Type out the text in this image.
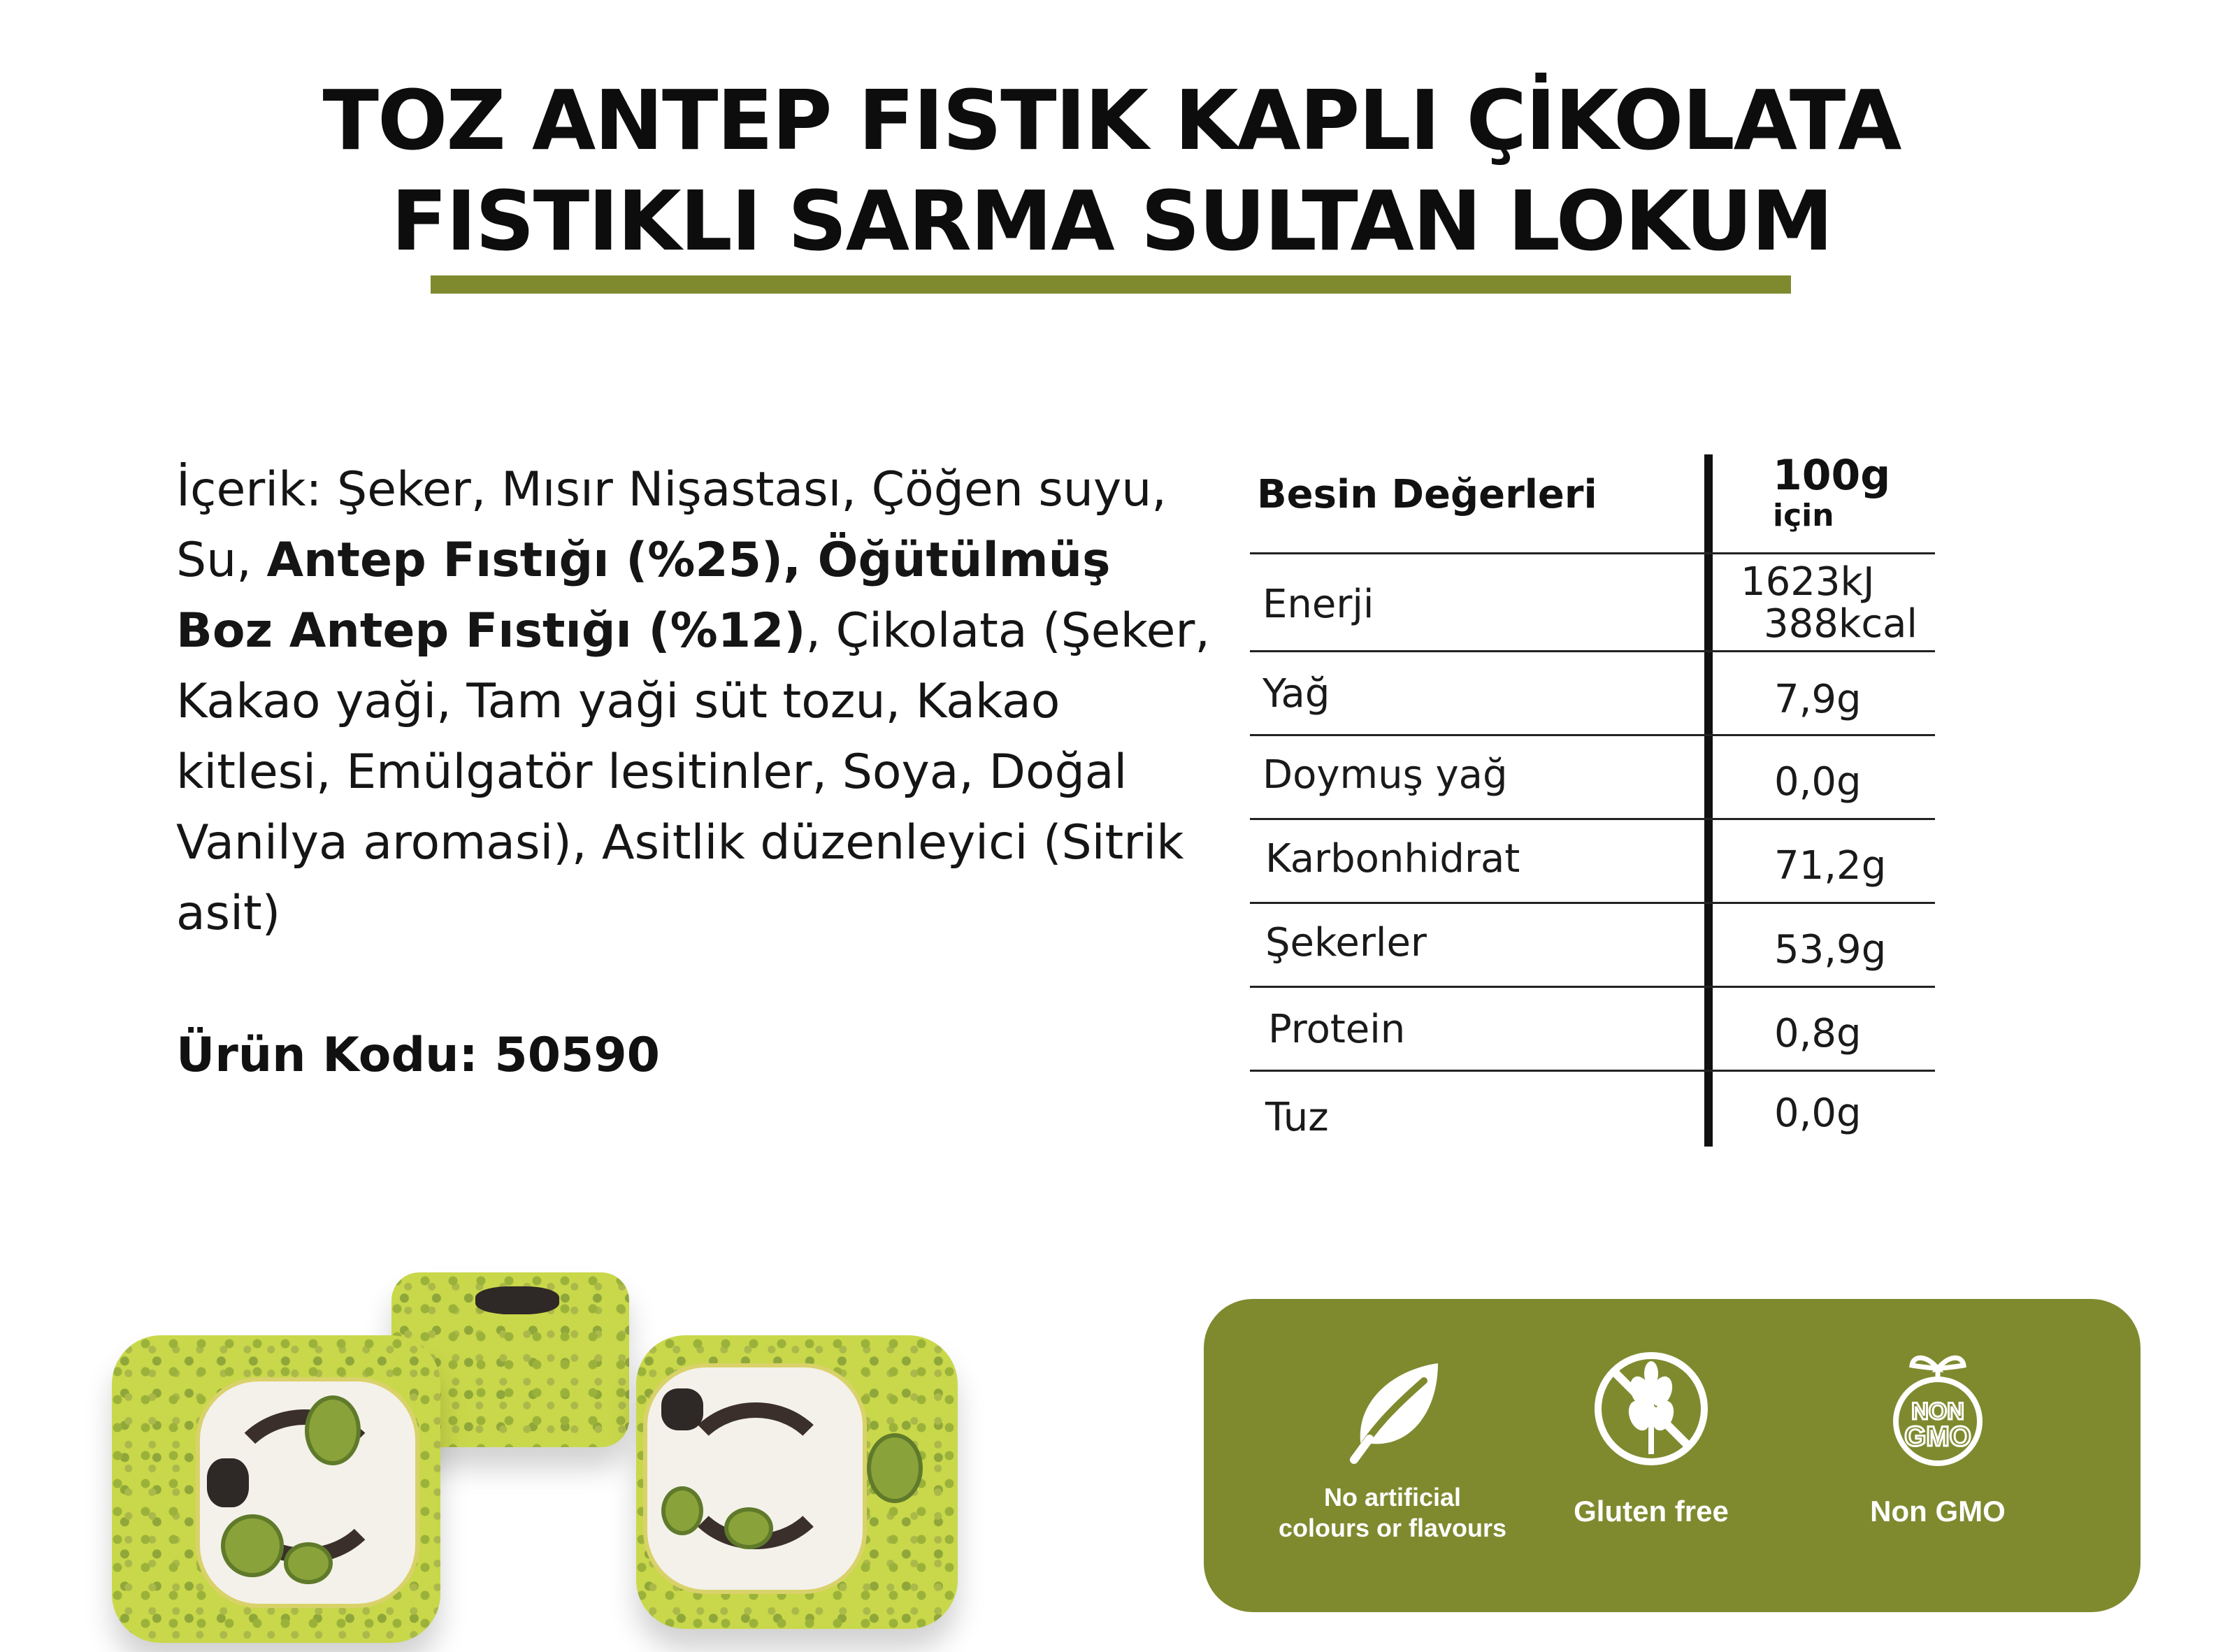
TOZ ANTEP FISTIK KAPLI ÇİKOLATA
FISTIKLI SARMA SULTAN LOKUM
İçerik: Şeker, Mısır Nişastası, Çöğen suyu, Su, Antep Fıstığı (%25), Öğütülmüş Boz Antep Fıstığı (%12), Çikolata (Şeker, Kakao yaği, Tam yaği süt tozu, Kakao kitlesi, Emülgatör lesitinler, Soya, Doğal Vanilya aromasi), Asitlik düzenleyici (Sitrik asit)
Ürün Kodu: 50590
Besin Değerleri	100g
için
Enerji	1623kJ
388kcal
Yağ	7,9g
Doymuş yağ	0,0g
Karbonhidrat	71,2g
Şekerler	53,9g
Protein	0,8g
Tuz	0,0g
No artificial
colours or flavours
Gluten free
NON
GMO
Non GMO
